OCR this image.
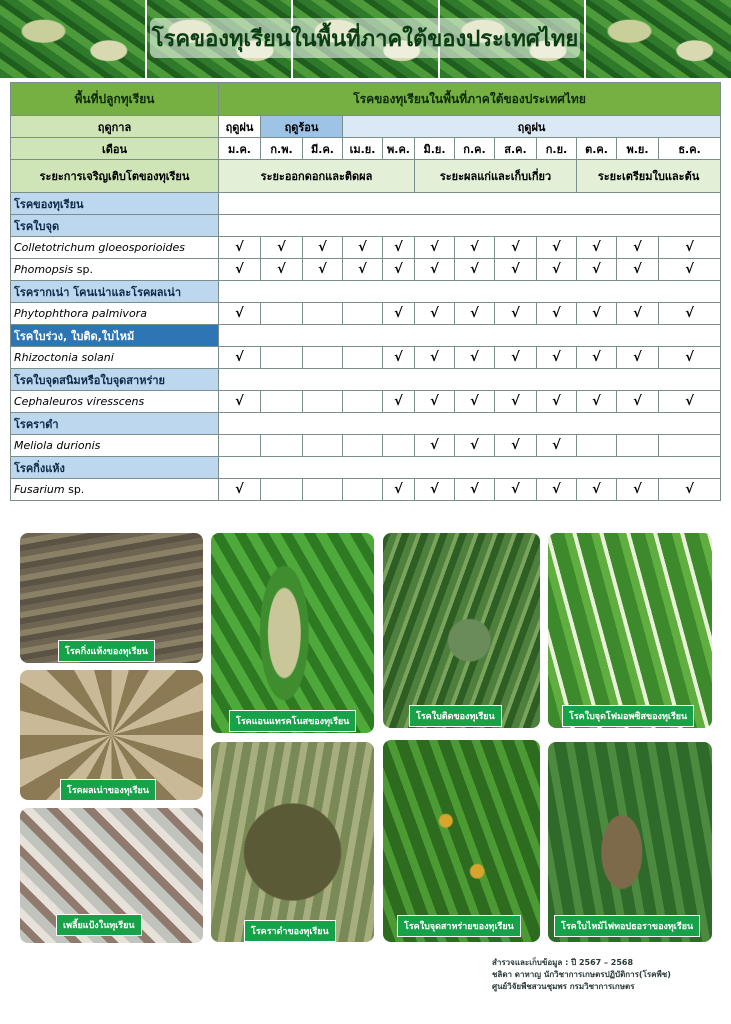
โรคของทุเรียนในพื้นที่ภาคใต้ของประเทศไทย
พื้นที่ปลูกทุเรียน	โรคของทุเรียนในพื้นที่ภาคใต้ของประเทศไทย											
ฤดูกาล	ฤดูฝน	ฤดูร้อน		ฤดูฝน								
เดือน	ม.ค.	ก.พ.	มี.ค.	เม.ย.	พ.ค.	มิ.ย.	ก.ค.	ส.ค.	ก.ย.	ต.ค.	พ.ย.	ธ.ค.
ระยะการเจริญเติบโตของทุเรียน	ระยะออกดอกและติดผล					ระยะผลแก่และเก็บเกี่ยว				ระยะเตรียมใบและต้น		
โรคของทุเรียน												
โรคใบจุด												
Colletotrichum gloeosporioides	√	√	√	√	√	√	√	√	√	√	√	√
Phomopsis sp.	√	√	√	√	√	√	√	√	√	√	√	√
โรครากเน่า โคนเน่าและโรคผลเน่า												
Phytophthora palmivora	√				√	√	√	√	√	√	√	√
โรคใบร่วง, ใบติด,ใบไหม้												
Rhizoctonia solani	√				√	√	√	√	√	√	√	√
โรคใบจุดสนิมหรือใบจุดสาหร่าย												
Cephaleuros viresscens	√				√	√	√	√	√	√	√	√
โรคราดำ												
Meliola durionis						√	√	√	√			
โรคกิ่งแห้ง												
Fusarium sp.	√				√	√	√	√	√	√	√	√
โรคกิ่งแห้งของทุเรียน
โรคผลเน่าของทุเรียน
เพลี้ยแป้งในทุเรียน
โรคแอนแทรคโนสของทุเรียน
โรคราดำของทุเรียน
โรคใบติดของทุเรียน
โรคใบจุดสาหร่ายของทุเรียน
โรคใบจุดโฟมอพซิสของทุเรียน
โรคใบไหม้ไฟทอปธอราของทุเรียน
สำรวจและเก็บข้อมูล : ปี 2567 – 2568
ชลิดา ดาหาญ นักวิชาการเกษตรปฏิบัติการ(โรคพืช)
ศูนย์วิจัยพืชสวนชุมพร กรมวิชาการเกษตร
